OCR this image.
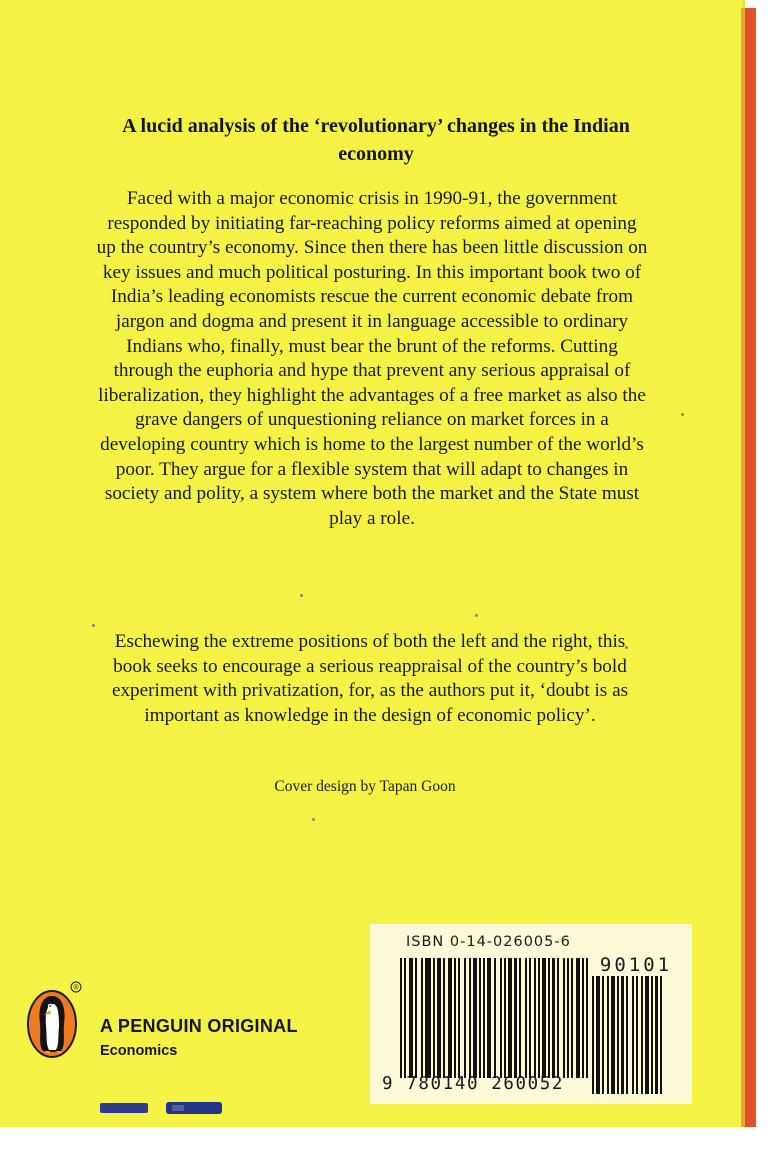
A lucid analysis of the ‘revolutionary’ changes in the Indian economy

Faced with a major economic crisis in 1990-91, the government responded by initiating far-reaching policy reforms aimed at opening up the country’s economy. Since then there has been little discussion on key issues and much political posturing. In this important book two of India’s leading economists rescue the current economic debate from jargon and dogma and present it in language accessible to ordinary Indians who, finally, must bear the brunt of the reforms. Cutting through the euphoria and hype that prevent any serious appraisal of liberalization, they highlight the advantages of a free market as also the grave dangers of unquestioning reliance on market forces in a developing country which is home to the largest number of the world’s poor. They argue for a flexible system that will adapt to changes in society and polity, a system where both the market and the State must play a role.

Eschewing the extreme positions of both the left and the right, this book seeks to encourage a serious reappraisal of the country’s bold experiment with privatization, for, as the authors put it, ‘doubt is as important as knowledge in the design of economic policy’.

Cover design by Tapan Goon

ISBN 0-14-026005-6
90101
9 780140 260052
®
A PENGUIN ORIGINAL
Economics
